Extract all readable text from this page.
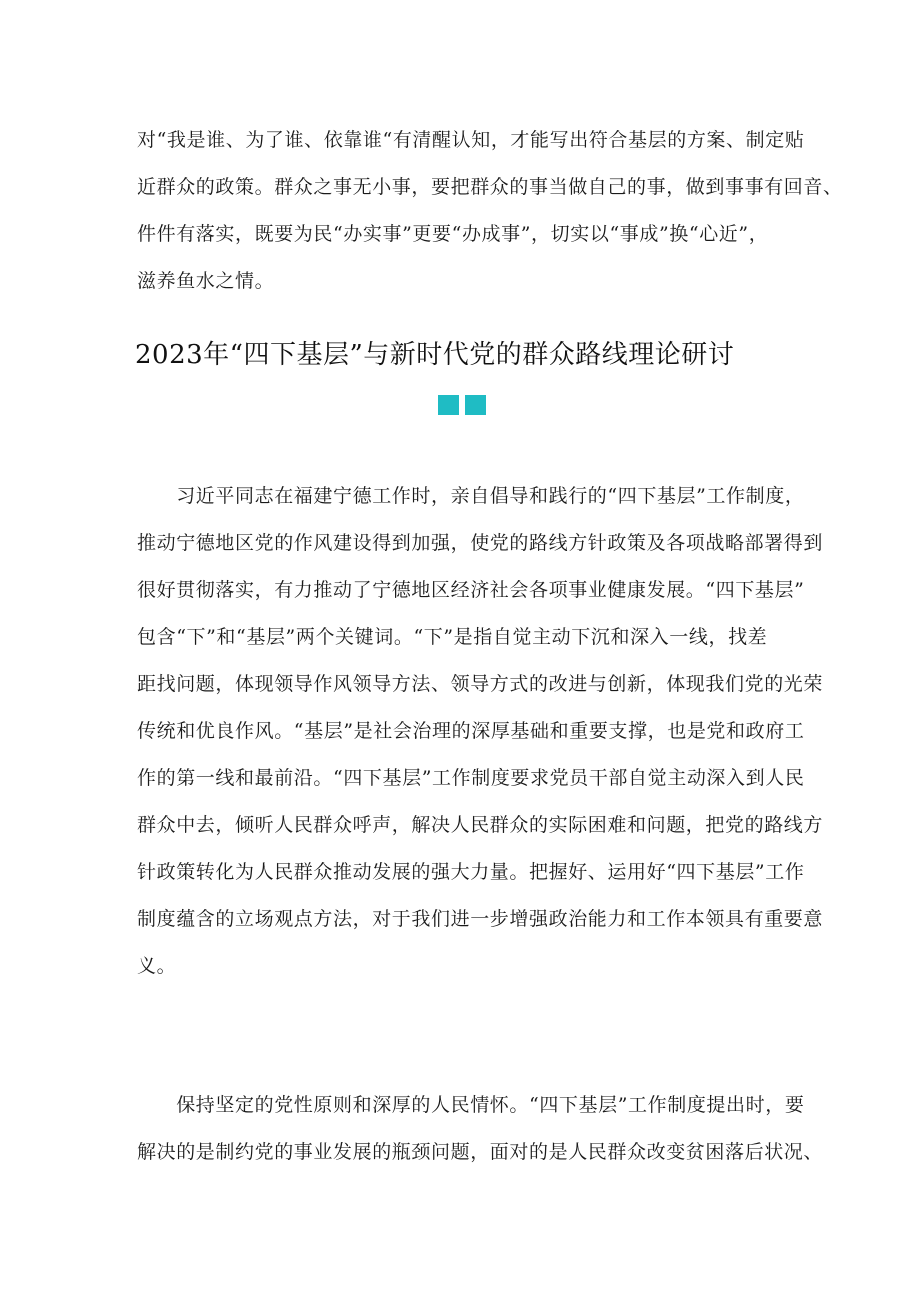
对“我是谁、为了谁、依靠谁“有清醒认知，才能写出符合基层的方案、制定贴
近群众的政策。群众之事无小事，要把群众的事当做自己的事，做到事事有回音、
件件有落实，既要为民“办实事”更要“办成事”，切实以“事成”换“心近”，
滋养鱼水之情。
2023年“四下基层”与新时代党的群众路线理论研讨
　　习近平同志在福建宁德工作时，亲自倡导和践行的“四下基层”工作制度，
推动宁德地区党的作风建设得到加强，使党的路线方针政策及各项战略部署得到
很好贯彻落实，有力推动了宁德地区经济社会各项事业健康发展。“四下基层”
包含“下”和“基层”两个关键词。“下”是指自觉主动下沉和深入一线，找差
距找问题，体现领导作风领导方法、领导方式的改进与创新，体现我们党的光荣
传统和优良作风。“基层”是社会治理的深厚基础和重要支撑，也是党和政府工
作的第一线和最前沿。“四下基层”工作制度要求党员干部自觉主动深入到人民
群众中去，倾听人民群众呼声，解决人民群众的实际困难和问题，把党的路线方
针政策转化为人民群众推动发展的强大力量。把握好、运用好“四下基层”工作
制度蕴含的立场观点方法，对于我们进一步增强政治能力和工作本领具有重要意
义。
　　保持坚定的党性原则和深厚的人民情怀。“四下基层”工作制度提出时，要
解决的是制约党的事业发展的瓶颈问题，面对的是人民群众改变贫困落后状况、
